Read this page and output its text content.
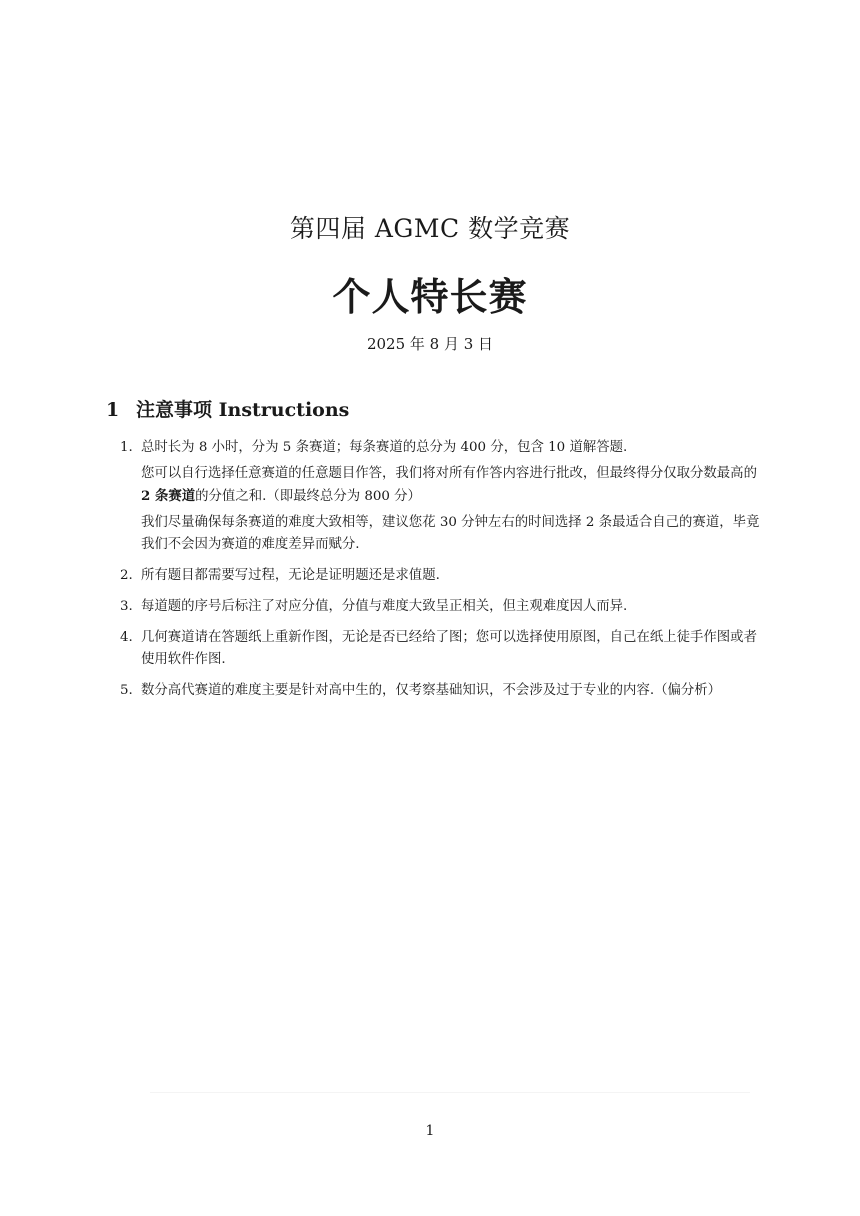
第四届 AGMC 数学竞赛
个人特长赛
2025 年 8 月 3 日
1 注意事项 Instructions
1. 总时长为 8 小时，分为 5 条赛道；每条赛道的总分为 400 分，包含 10 道解答题.

您可以自行选择任意赛道的任意题目作答，我们将对所有作答内容进行批改，但最终得分仅取分数最高的 2 条赛道的分值之和.（即最终总分为 800 分）

我们尽量确保每条赛道的难度大致相等，建议您花 30 分钟左右的时间选择 2 条最适合自己的赛道，毕竟我们不会因为赛道的难度差异而赋分.

2. 所有题目都需要写过程，无论是证明题还是求值题.

3. 每道题的序号后标注了对应分值，分值与难度大致呈正相关，但主观难度因人而异.

4. 几何赛道请在答题纸上重新作图，无论是否已经给了图；您可以选择使用原图，自己在纸上徒手作图或者使用软件作图.

5. 数分高代赛道的难度主要是针对高中生的，仅考察基础知识，不会涉及过于专业的内容.（偏分析）

1
